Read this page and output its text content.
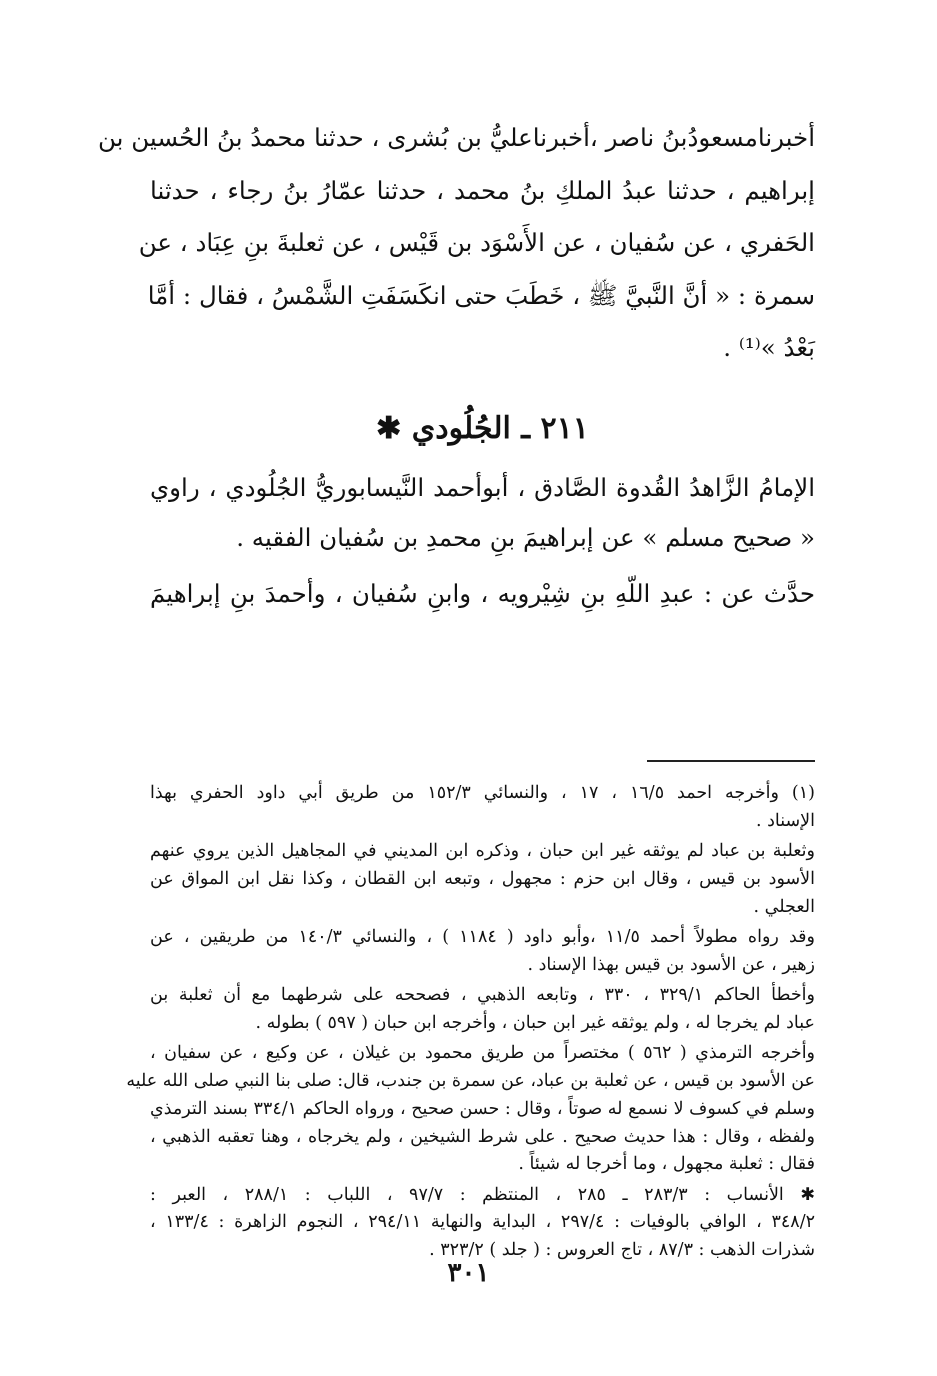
أخبرنامسعودُبنُ ناصر ،أخبرناعليُّ بن بُشرى ، حدثنا محمدُ بنُ الحُسين بن
إبراهيم ، حدثنا عبدُ الملكِ بنُ محمد ، حدثنا عمّارُ بنُ رجاء ، حدثنا
الحَفري ، عن سُفيان ، عن الأَسْوَد بن قَيْس ، عن ثعلبةَ بنِ عِبَاد ، عن
سمرة : « أنَّ النَّبيَّ ﷺ ، خَطَبَ حتى انكَسَفَتِ الشَّمْسُ ، فقال : أمَّا
بَعْدُ »⁽¹⁾ .
٢١١ ـ الجُلُودي ✱
الإمامُ الزَّاهدُ القُدوة الصَّادق ، أبوأحمد النَّيسابوريُّ الجُلُودي ، راوي
« صحيح مسلم » عن إبراهيمَ بنِ محمدِ بن سُفيان الفقيه .
حدَّث عن : عبدِ اللّهِ بنِ شِيْرويه ، وابنِ سُفيان ، وأحمدَ بنِ إبراهيمَ
(١) وأخرجه احمد ١٦/٥ ، ١٧ ، والنسائي ١٥٢/٣ من طريق أبي داود الحفري بهذا
الإسناد .
وثعلبة بن عباد لم يوثقه غير ابن حبان ، وذكره ابن المديني في المجاهيل الذين يروي عنهم
الأسود بن قيس ، وقال ابن حزم : مجهول ، وتبعه ابن القطان ، وكذا نقل ابن المواق عن
العجلي .
وقد رواه مطولاً أحمد ١١/٥ ،وأبو داود ( ١١٨٤ ) ، والنسائي ١٤٠/٣ من طريقين ، عن
زهير ، عن الأسود بن قيس بهذا الإسناد .
وأخطأ الحاكم ٣٢٩/١ ، ٣٣٠ ، وتابعه الذهبي ، فصححه على شرطهما مع أن ثعلبة بن
عباد لم يخرجا له ، ولم يوثقه غير ابن حبان ، وأخرجه ابن حبان ( ٥٩٧ ) بطوله .
وأخرجه الترمذي ( ٥٦٢ ) مختصراً من طريق محمود بن غيلان ، عن وكيع ، عن سفيان ،
عن الأسود بن قيس ، عن ثعلبة بن عباد، عن سمرة بن جندب، قال: صلى بنا النبي صلى الله عليه
وسلم في كسوف لا نسمع له صوتاً ، وقال : حسن صحيح ، ورواه الحاكم ٣٣٤/١ بسند الترمذي
ولفظه ، وقال : هذا حديث صحيح . على شرط الشيخين ، ولم يخرجاه ، وهنا تعقبه الذهبي ،
فقال : ثعلبة مجهول ، وما أخرجا له شيئاً .
✱ الأنساب : ٢٨٣/٣ ـ ٢٨٥ ، المنتظم : ٩٧/٧ ، اللباب : ٢٨٨/١ ، العبر :
٣٤٨/٢ ، الوافي بالوفيات : ٢٩٧/٤ ، البداية والنهاية ٢٩٤/١١ ، النجوم الزاهرة : ١٣٣/٤ ،
شذرات الذهب : ٨٧/٣ ، تاج العروس : ( جلد ) ٣٢٣/٢ .
٣٠١
